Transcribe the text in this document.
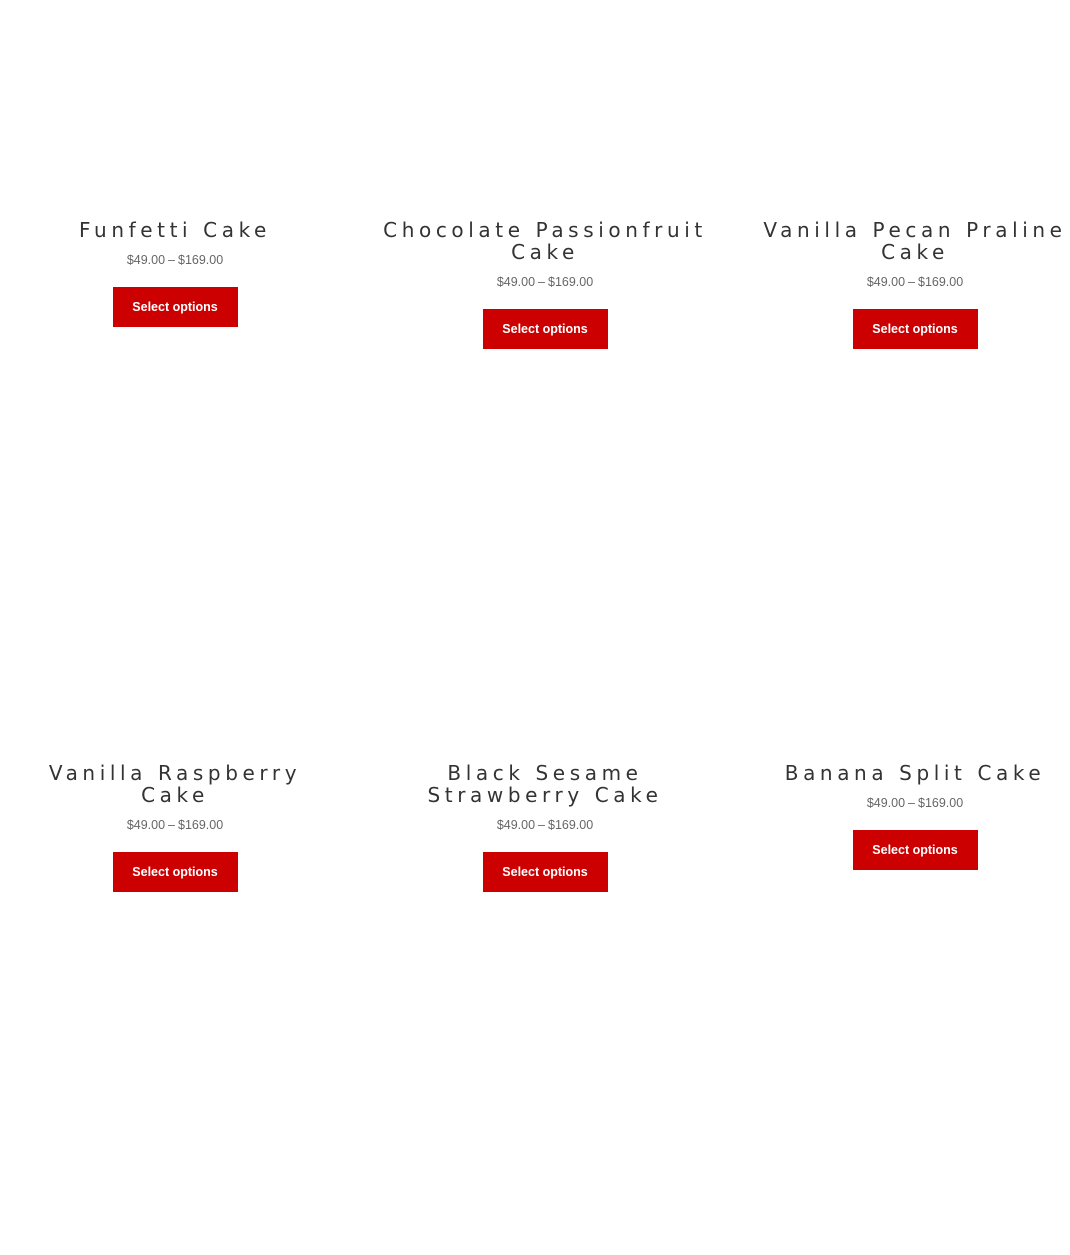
Funfetti Cake
$49.00 – $169.00
Select options
Chocolate Passionfruit Cake
$49.00 – $169.00
Select options
Vanilla Pecan Praline Cake
$49.00 – $169.00
Select options
Vanilla Raspberry Cake
$49.00 – $169.00
Select options
Black Sesame Strawberry Cake
$49.00 – $169.00
Select options
Banana Split Cake
$49.00 – $169.00
Select options
